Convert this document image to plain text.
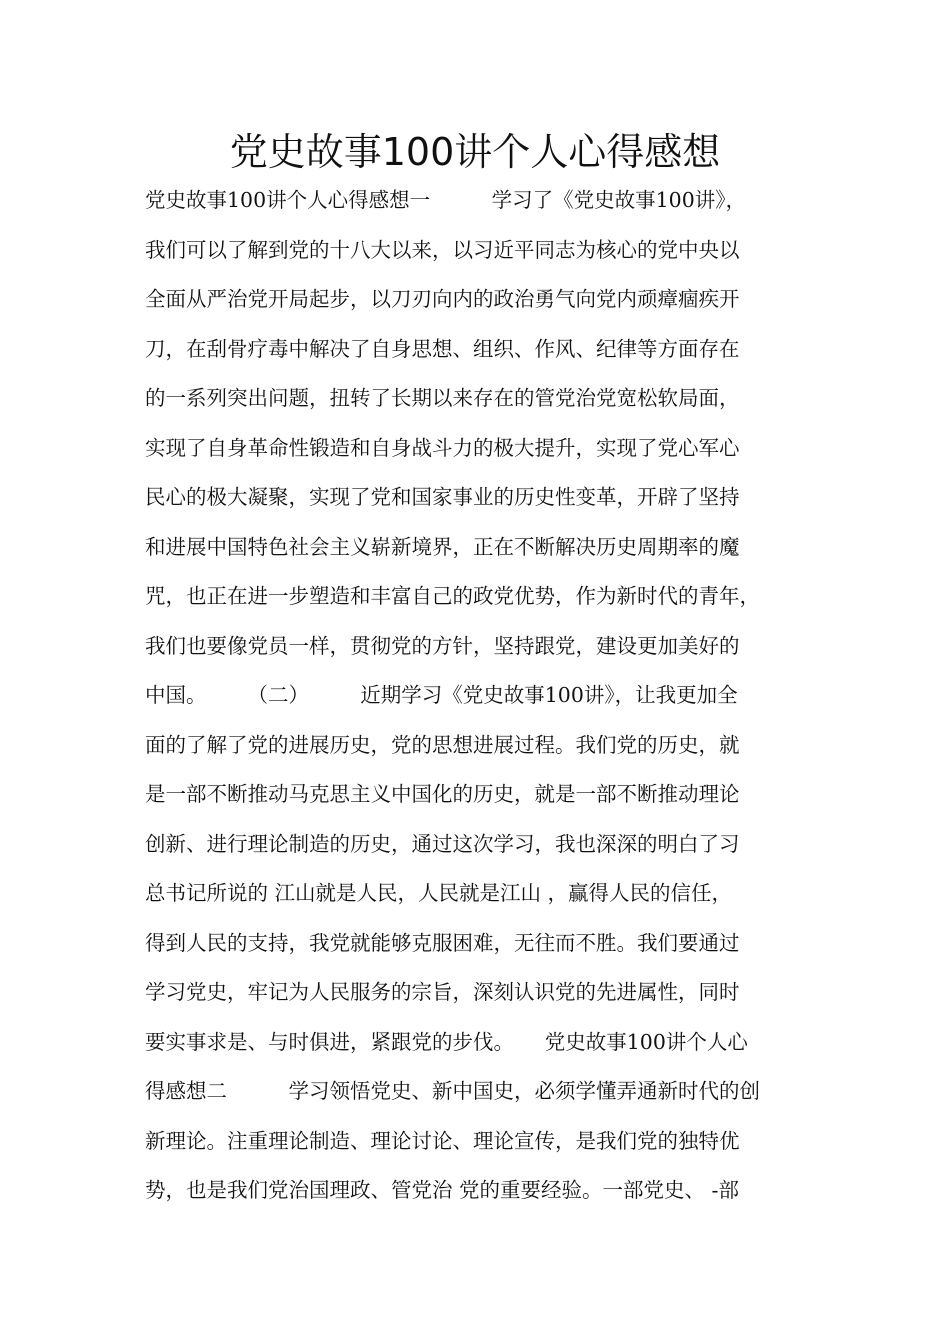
党史故事100讲个人心得感想
党史故事100讲个人心得感想一　　　学习了《党史故事100讲》，
我们可以了解到党的十八大以来，以习近平同志为核心的党中央以
全面从严治党开局起步，以刀刃向内的政治勇气向党内顽瘴痼疾开
刀，在刮骨疗毒中解决了自身思想、组织、作风、纪律等方面存在
的一系列突出问题，扭转了长期以来存在的管党治党宽松软局面，
实现了自身革命性锻造和自身战斗力的极大提升，实现了党心军心
民心的极大凝聚，实现了党和国家事业的历史性变革，开辟了坚持
和进展中国特色社会主义崭新境界，正在不断解决历史周期率的魔
咒，也正在进一步塑造和丰富自己的政党优势，作为新时代的青年，
我们也要像党员一样，贯彻党的方针，坚持跟党，建设更加美好的
中国。　　　（二）　　　近期学习《党史故事100讲》，让我更加全
面的了解了党的进展历史，党的思想进展过程。我们党的历史，就
是一部不断推动马克思主义中国化的历史，就是一部不断推动理论
创新、进行理论制造的历史，通过这次学习，我也深深的明白了习
总书记所说的 江山就是人民，人民就是江山 ，赢得人民的信任，
得到人民的支持，我党就能够克服困难，无往而不胜。我们要通过
学习党史，牢记为人民服务的宗旨，深刻认识党的先进属性，同时
要实事求是、与时俱进，紧跟党的步伐。　　党史故事100讲个人心
得感想二　　　学习领悟党史、新中国史，必须学懂弄通新时代的创
新理论。注重理论制造、理论讨论、理论宣传，是我们党的独特优
势，也是我们党治国理政、管党治 党的重要经验。一部党史、 -部
